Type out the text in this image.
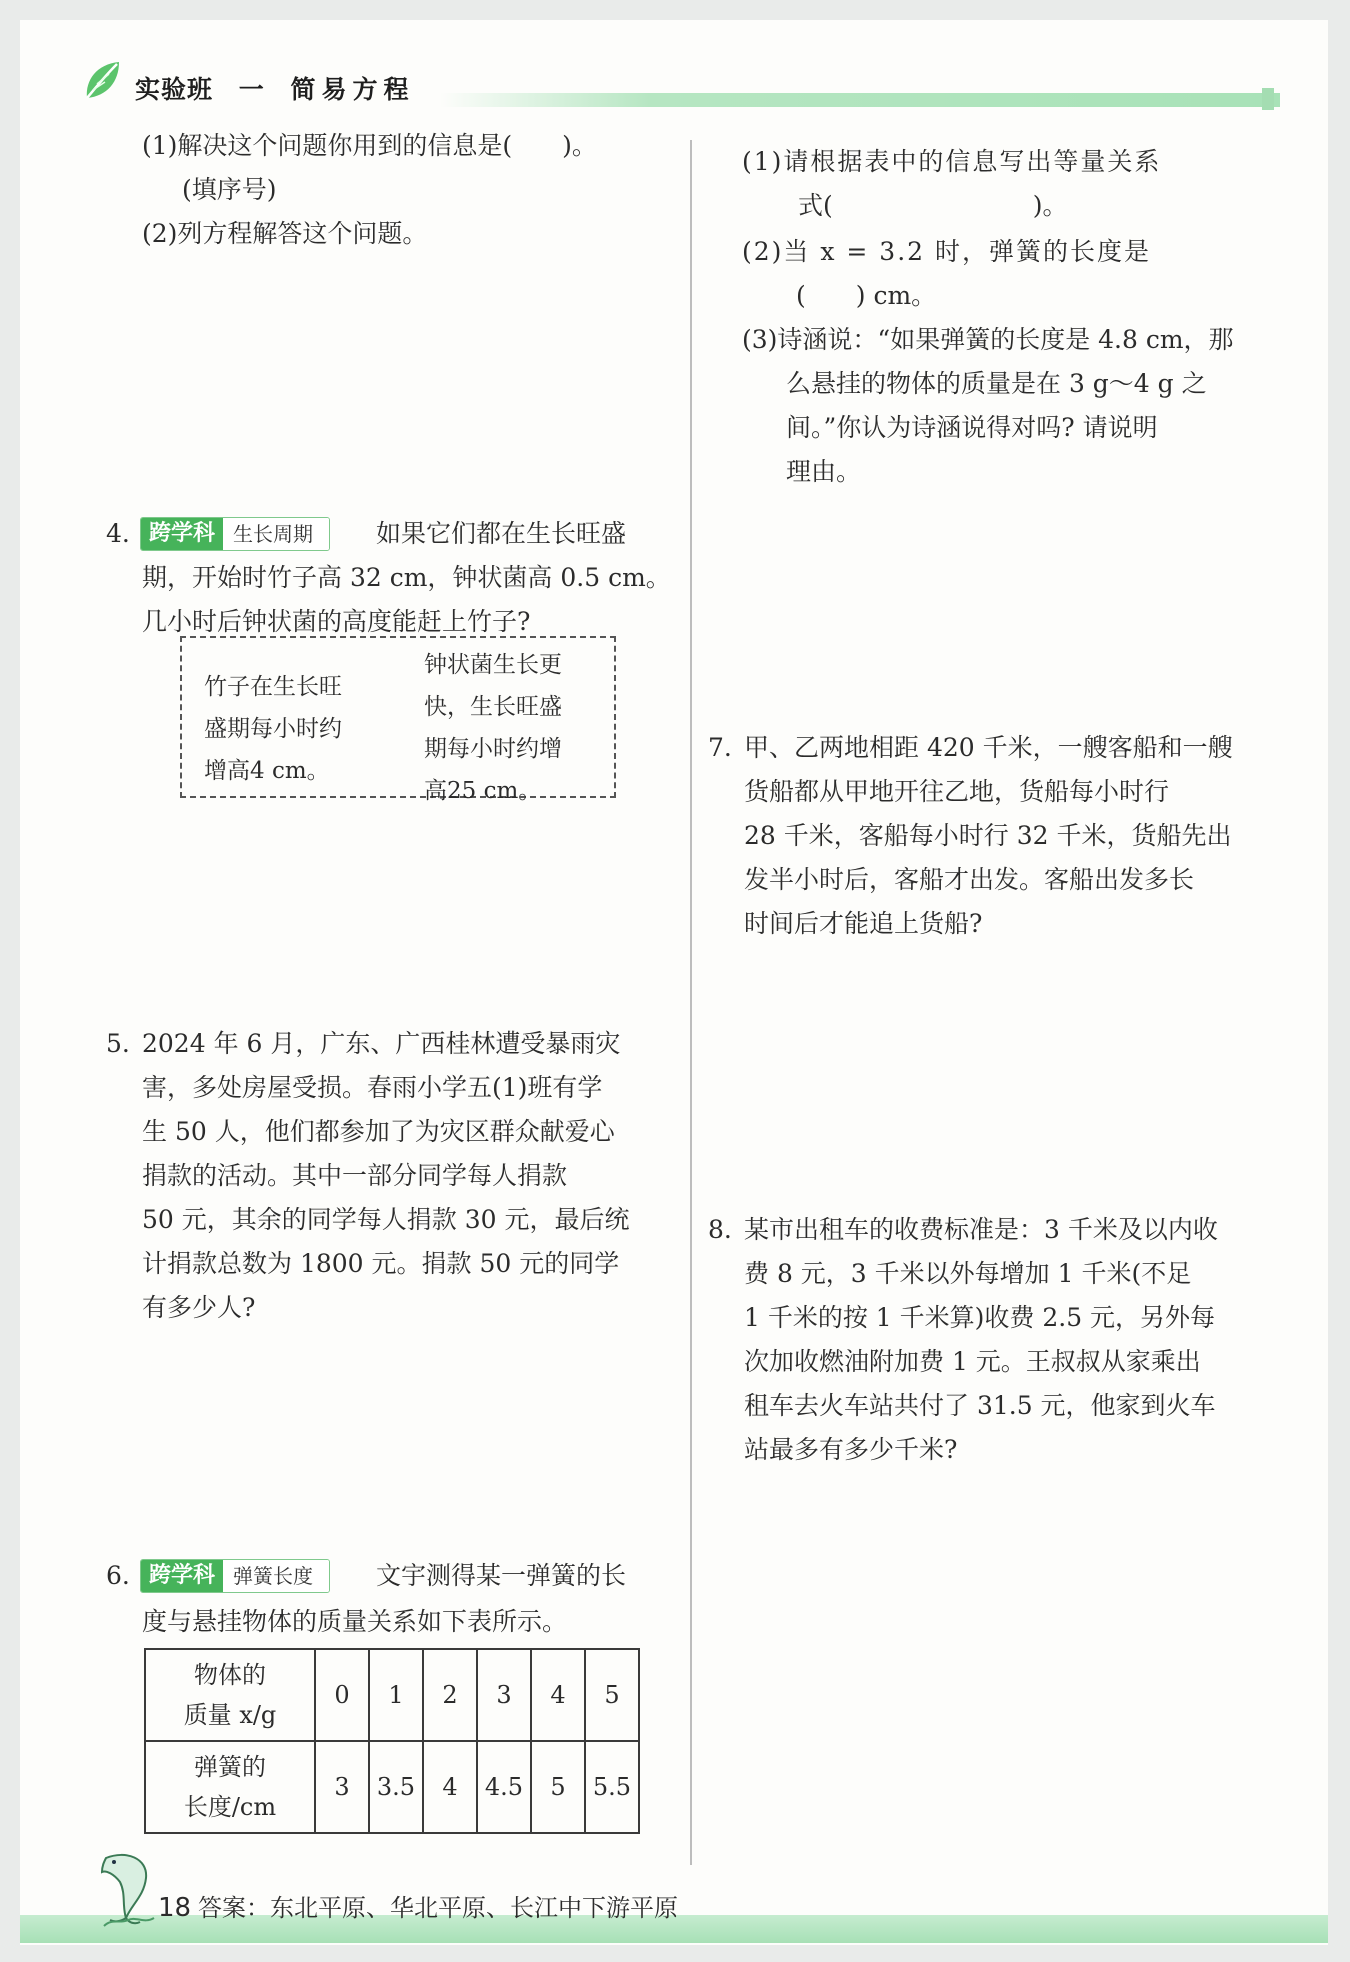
实验班 一 简易方程
(1)解决这个问题你用到的信息是(　　)。
(填序号)
(2)列方程解答这个问题。
4. 跨学科 生长周期	如果它们都在生长旺盛
期，开始时竹子高 32 cm，钟状菌高 0.5 cm。
几小时后钟状菌的高度能赶上竹子?
竹子在生长旺
盛期每小时约
增高4 cm。
钟状菌生长更
快，生长旺盛
期每小时约增
高25 cm。
5. 2024 年 6 月，广东、广西桂林遭受暴雨灾
害，多处房屋受损。春雨小学五(1)班有学
生 50 人，他们都参加了为灾区群众献爱心
捐款的活动。其中一部分同学每人捐款
50 元，其余的同学每人捐款 30 元，最后统
计捐款总数为 1800 元。捐款 50 元的同学
有多少人?
6. 跨学科 弹簧长度	文宇测得某一弹簧的长
度与悬挂物体的质量关系如下表所示。
物体的
质量 x/g	0	1	2	3	4	5
弹簧的
长度/cm	3	3.5	4	4.5	5	5.5
(1)请根据表中的信息写出等量关系
式(　　　　　　　　)。
(2)当 x = 3.2 时，弹簧的长度是
(　　) cm。
(3)诗涵说：“如果弹簧的长度是 4.8 cm，那
么悬挂的物体的质量是在 3 g～4 g 之
间。”你认为诗涵说得对吗? 请说明
理由。
7. 甲、乙两地相距 420 千米，一艘客船和一艘
货船都从甲地开往乙地，货船每小时行
28 千米，客船每小时行 32 千米，货船先出
发半小时后，客船才出发。客船出发多长
时间后才能追上货船?
8. 某市出租车的收费标准是：3 千米及以内收
费 8 元，3 千米以外每增加 1 千米(不足
1 千米的按 1 千米算)收费 2.5 元，另外每
次加收燃油附加费 1 元。王叔叔从家乘出
租车去火车站共付了 31.5 元，他家到火车
站最多有多少千米?
18 答案：东北平原、华北平原、长江中下游平原
